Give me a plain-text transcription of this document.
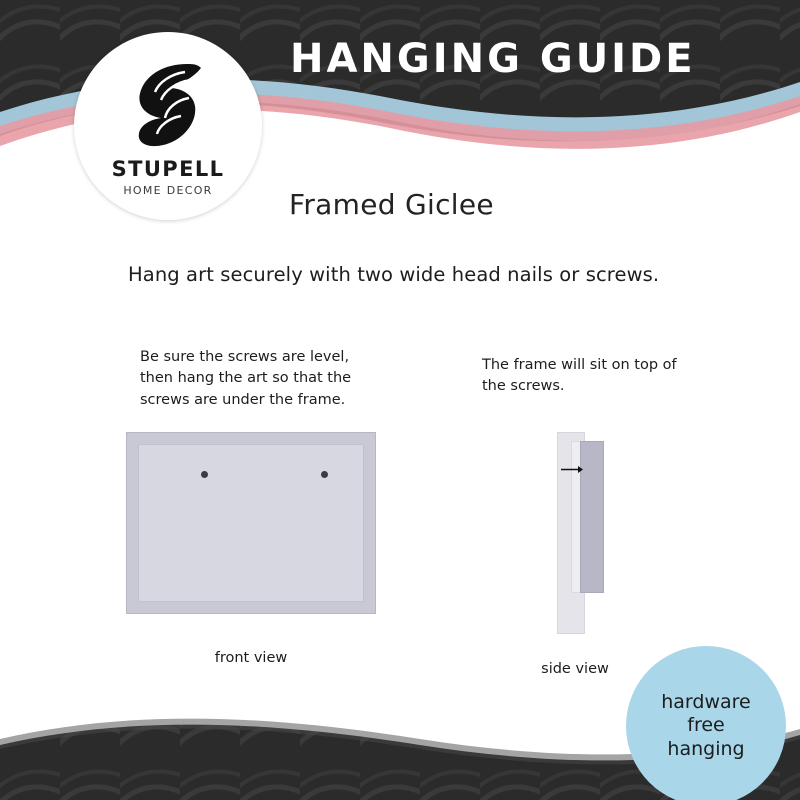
HANGING GUIDE
STUPELL
HOME DECOR	Framed Giclee
Hang art securely with two wide head nails or screws.
Be sure the screws are level, then hang the art so that the screws are under the frame.
The frame will sit on top of the screws.
front view
side view
hardware
free
hanging
